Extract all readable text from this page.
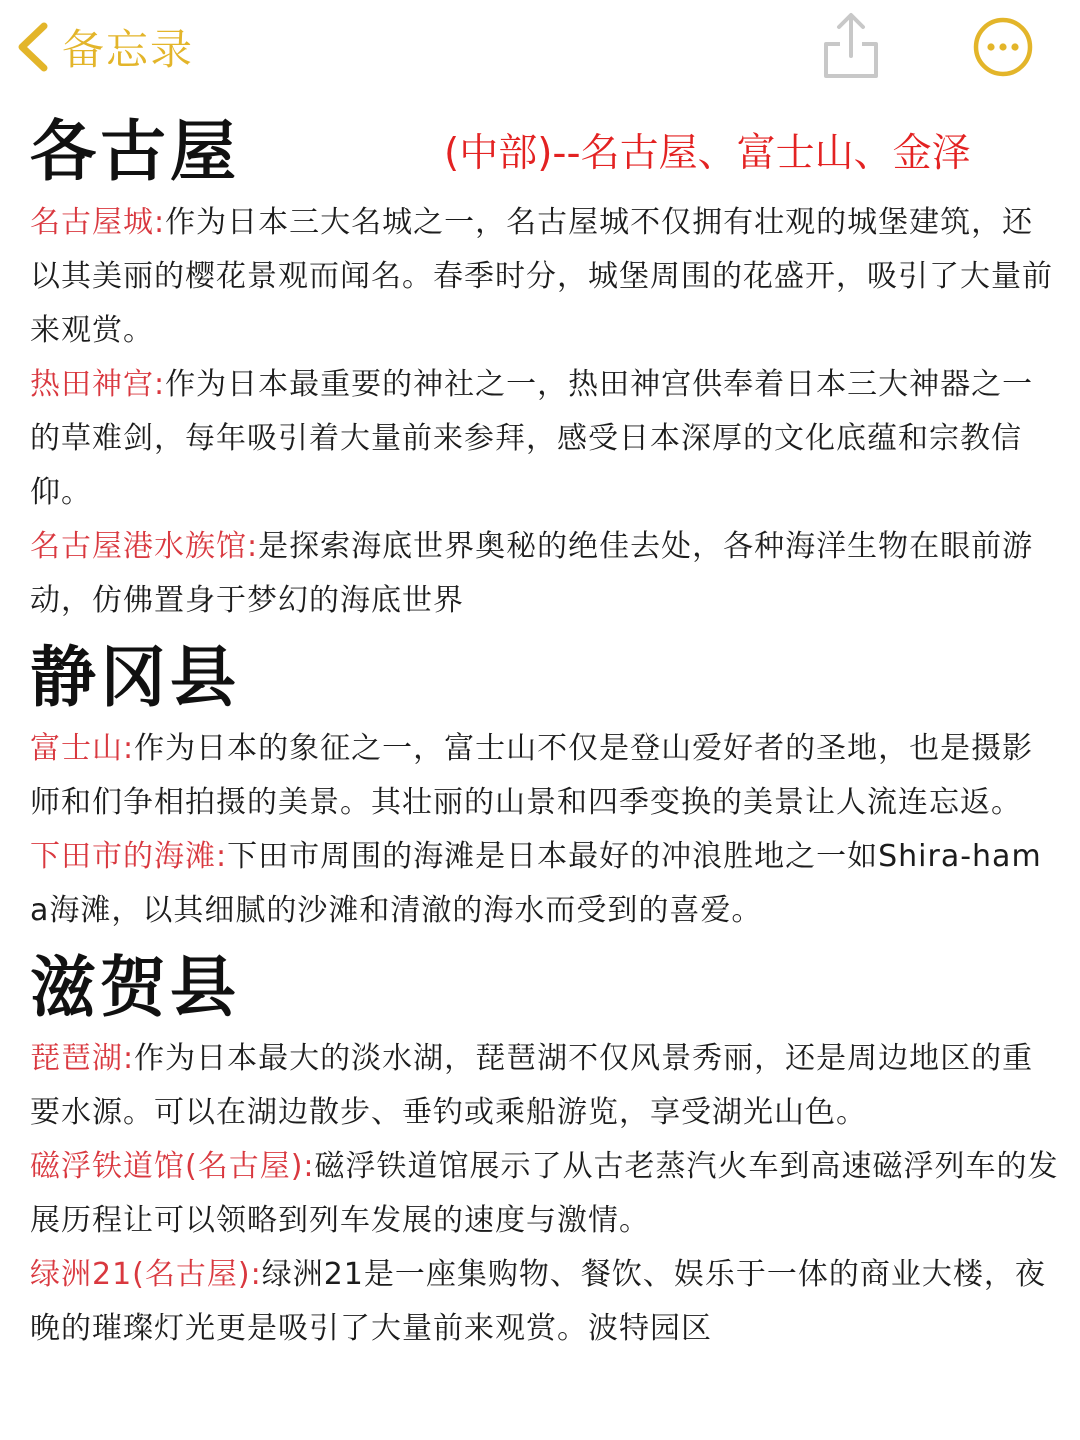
备忘录
各古屋	(中部)--名古屋、富士山、金泽

名古屋城:作为日本三大名城之一，名古屋城不仅拥有壮观的城堡建筑，还以其美丽的樱花景观而闻名。春季时分，城堡周围的花盛开，吸引了大量前来观赏。

热田神宫:作为日本最重要的神社之一，热田神宫供奉着日本三大神器之一的草难剑，每年吸引着大量前来参拜，感受日本深厚的文化底蕴和宗教信仰。

名古屋港水族馆:是探索海底世界奥秘的绝佳去处，各种海洋生物在眼前游动，仿佛置身于梦幻的海底世界

静冈县

富士山:作为日本的象征之一，富士山不仅是登山爱好者的圣地，也是摄影师和们争相拍摄的美景。其壮丽的山景和四季变换的美景让人流连忘返。

下田市的海滩:下田市周围的海滩是日本最好的冲浪胜地之一如Shira-hama海滩，以其细腻的沙滩和清澈的海水而受到的喜爱。

滋贺县

琵琶湖:作为日本最大的淡水湖，琵琶湖不仅风景秀丽，还是周边地区的重要水源。可以在湖边散步、垂钓或乘船游览，享受湖光山色。

磁浮铁道馆(名古屋):磁浮铁道馆展示了从古老蒸汽火车到高速磁浮列车的发展历程让可以领略到列车发展的速度与激情。

绿洲21(名古屋):绿洲21是一座集购物、餐饮、娱乐于一体的商业大楼，夜晚的璀璨灯光更是吸引了大量前来观赏。波特园区
